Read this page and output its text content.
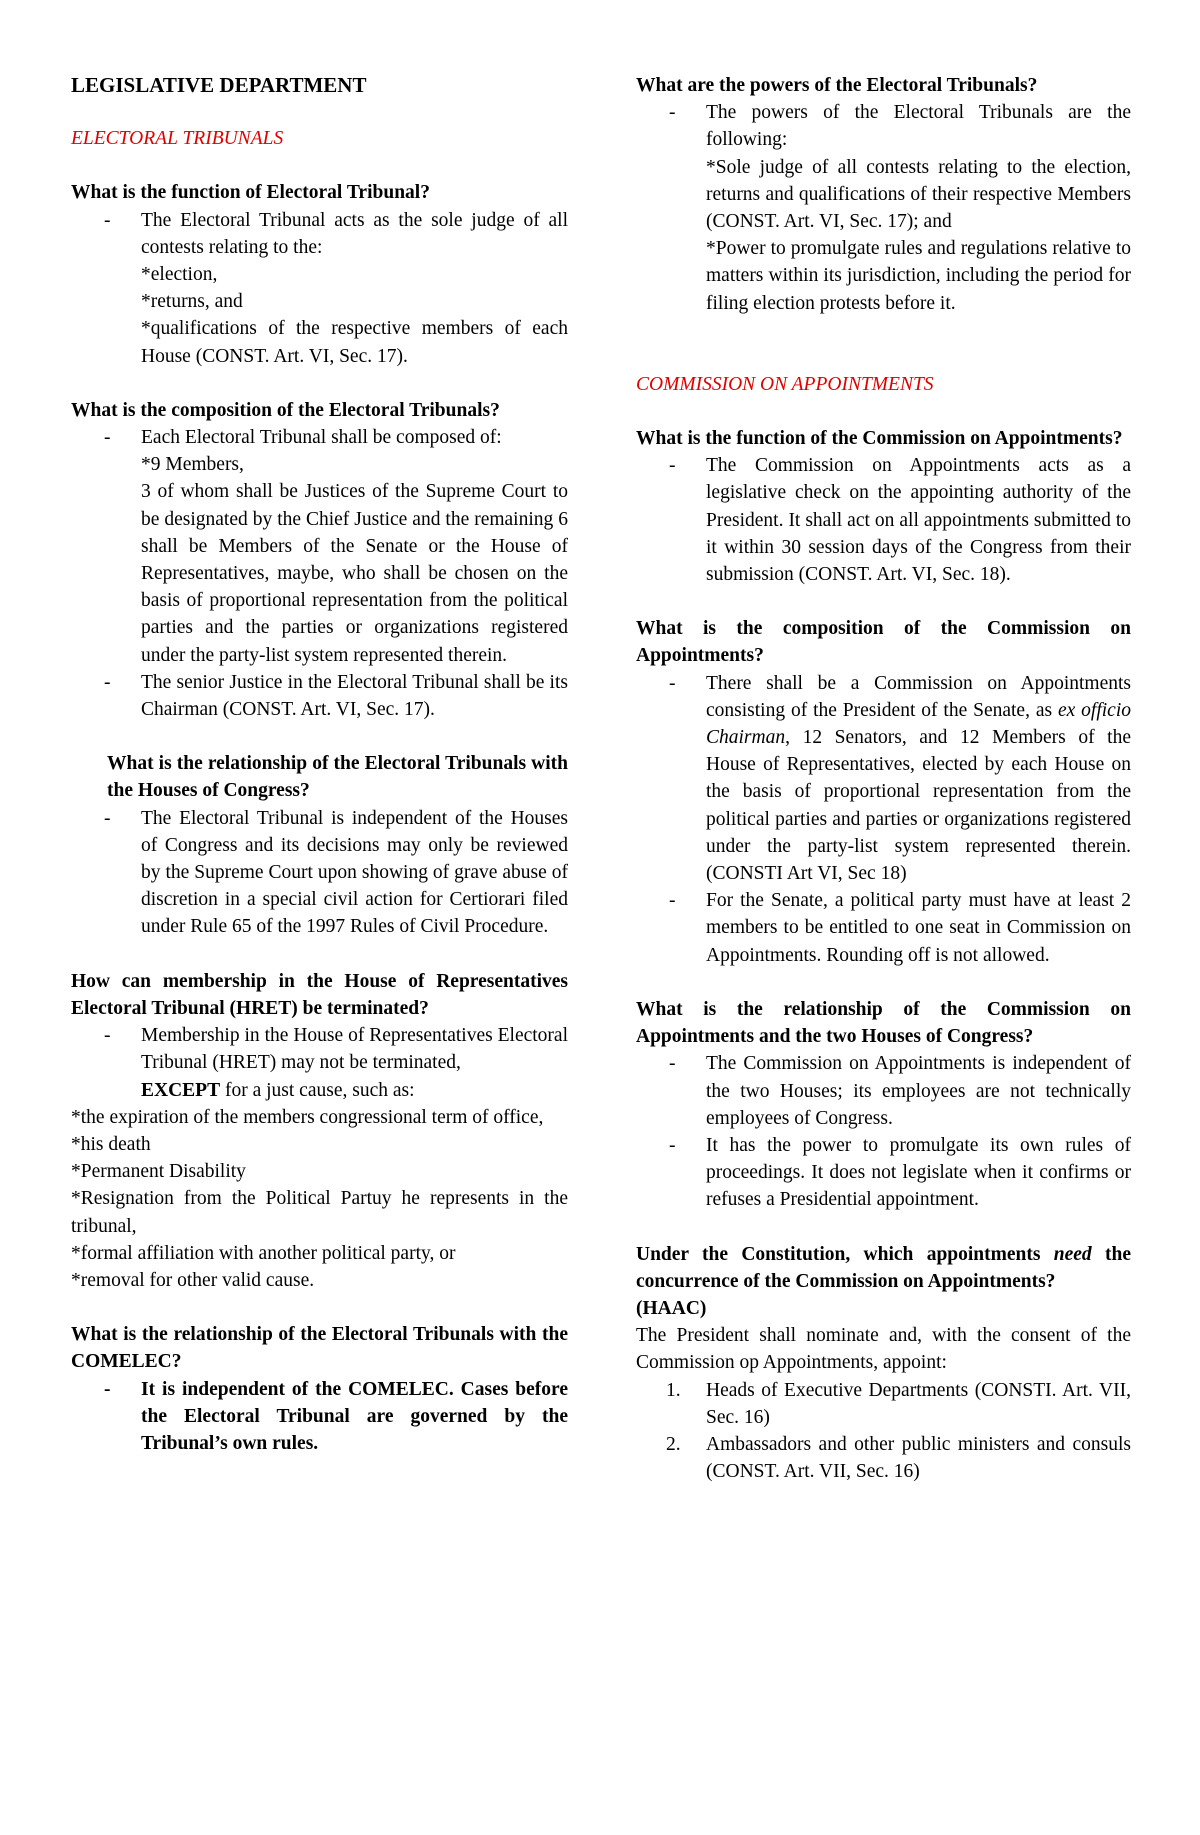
LEGISLATIVE DEPARTMENT

ELECTORAL TRIBUNALS

What is the function of Electoral Tribunal?

- The Electoral Tribunal acts as the sole judge of all contests relating to the:

*election,

*returns, and

*qualifications of the respective members of each House (CONST. Art. VI, Sec. 17).

What is the composition of the Electoral Tribunals?

- Each Electoral Tribunal shall be composed of:

*9 Members,

3 of whom shall be Justices of the Supreme Court to be designated by the Chief Justice and the remaining 6 shall be Members of the Senate or the House of Representatives, maybe, who shall be chosen on the basis of proportional representation from the political parties and the parties or organizations registered under the party-list system represented therein.

- The senior Justice in the Electoral Tribunal shall be its Chairman (CONST. Art. VI, Sec. 17).

What is the relationship of the Electoral Tribunals with the Houses of Congress?

- The Electoral Tribunal is independent of the Houses of Congress and its decisions may only be reviewed by the Supreme Court upon showing of grave abuse of discretion in a special civil action for Certiorari filed under Rule 65 of the 1997 Rules of Civil Procedure.

How can membership in the House of Representatives Electoral Tribunal (HRET) be terminated?

- Membership in the House of Representatives Electoral Tribunal (HRET) may not be terminated,

EXCEPT for a just cause, such as:

*the expiration of the members congressional term of office,

*his death

*Permanent Disability

*Resignation from the Political Partuy he represents in the tribunal,

*formal affiliation with another political party, or

*removal for other valid cause.

What is the relationship of the Electoral Tribunals with the COMELEC?

- It is independent of the COMELEC. Cases before the Electoral Tribunal are governed by the Tribunal’s own rules.

What are the powers of the Electoral Tribunals?

- The powers of the Electoral Tribunals are the following:

*Sole judge of all contests relating to the election, returns and qualifications of their respective Members (CONST. Art. VI, Sec. 17); and

*Power to promulgate rules and regulations relative to matters within its jurisdiction, including the period for filing election protests before it.

COMMISSION ON APPOINTMENTS

What is the function of the Commission on Appointments?

- The Commission on Appointments acts as a legislative check on the appointing authority of the President. It shall act on all appointments submitted to it within 30 session days of the Congress from their submission (CONST. Art. VI, Sec. 18).

What is the composition of the Commission on Appointments?

- There shall be a Commission on Appointments consisting of the President of the Senate, as ex officio Chairman, 12 Senators, and 12 Members of the House of Representatives, elected by each House on the basis of proportional representation from the political parties and parties or organizations registered under the party-list system represented therein. (CONSTI Art VI, Sec 18)

- For the Senate, a political party must have at least 2 members to be entitled to one seat in Commission on Appointments. Rounding off is not allowed.

What is the relationship of the Commission on Appointments and the two Houses of Congress?

- The Commission on Appointments is independent of the two Houses; its employees are not technically employees of Congress.

- It has the power to promulgate its own rules of proceedings. It does not legislate when it confirms or refuses a Presidential appointment.

Under the Constitution, which appointments need the concurrence of the Commission on Appointments?

(HAAC)

The President shall nominate and, with the consent of the Commission op Appointments, appoint:

1. Heads of Executive Departments (CONSTI. Art. VII, Sec. 16)

2. Ambassadors and other public ministers and consuls (CONST. Art. VII, Sec. 16)
